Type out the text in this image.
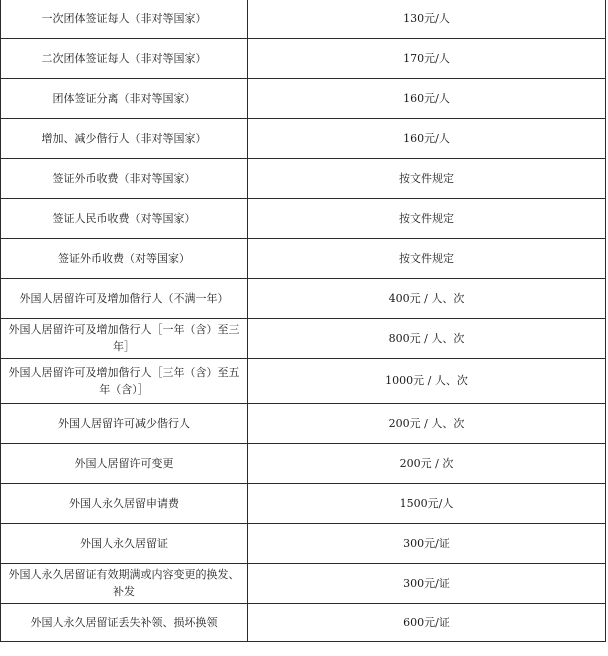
一次团体签证每人（非对等国家）	130元/人
二次团体签证每人（非对等国家）	170元/人
团体签证分离（非对等国家）	160元/人
增加、减少偕行人（非对等国家）	160元/人
签证外币收费（非对等国家）	按文件规定
签证人民币收费（对等国家）	按文件规定
签证外币收费（对等国家）	按文件规定
外国人居留许可及增加偕行人（不满一年）	400元 / 人、次
外国人居留许可及增加偕行人［一年（含）至三年］	800元 / 人、次
外国人居留许可及增加偕行人［三年（含）至五年（含）］	1000元 / 人、次
外国人居留许可减少偕行人	200元 / 人、次
外国人居留许可变更	200元 / 次
外国人永久居留申请费	1500元/人
外国人永久居留证	300元/证
外国人永久居留证有效期满或内容变更的换发、补发	300元/证
外国人永久居留证丢失补领、损坏换领	600元/证
